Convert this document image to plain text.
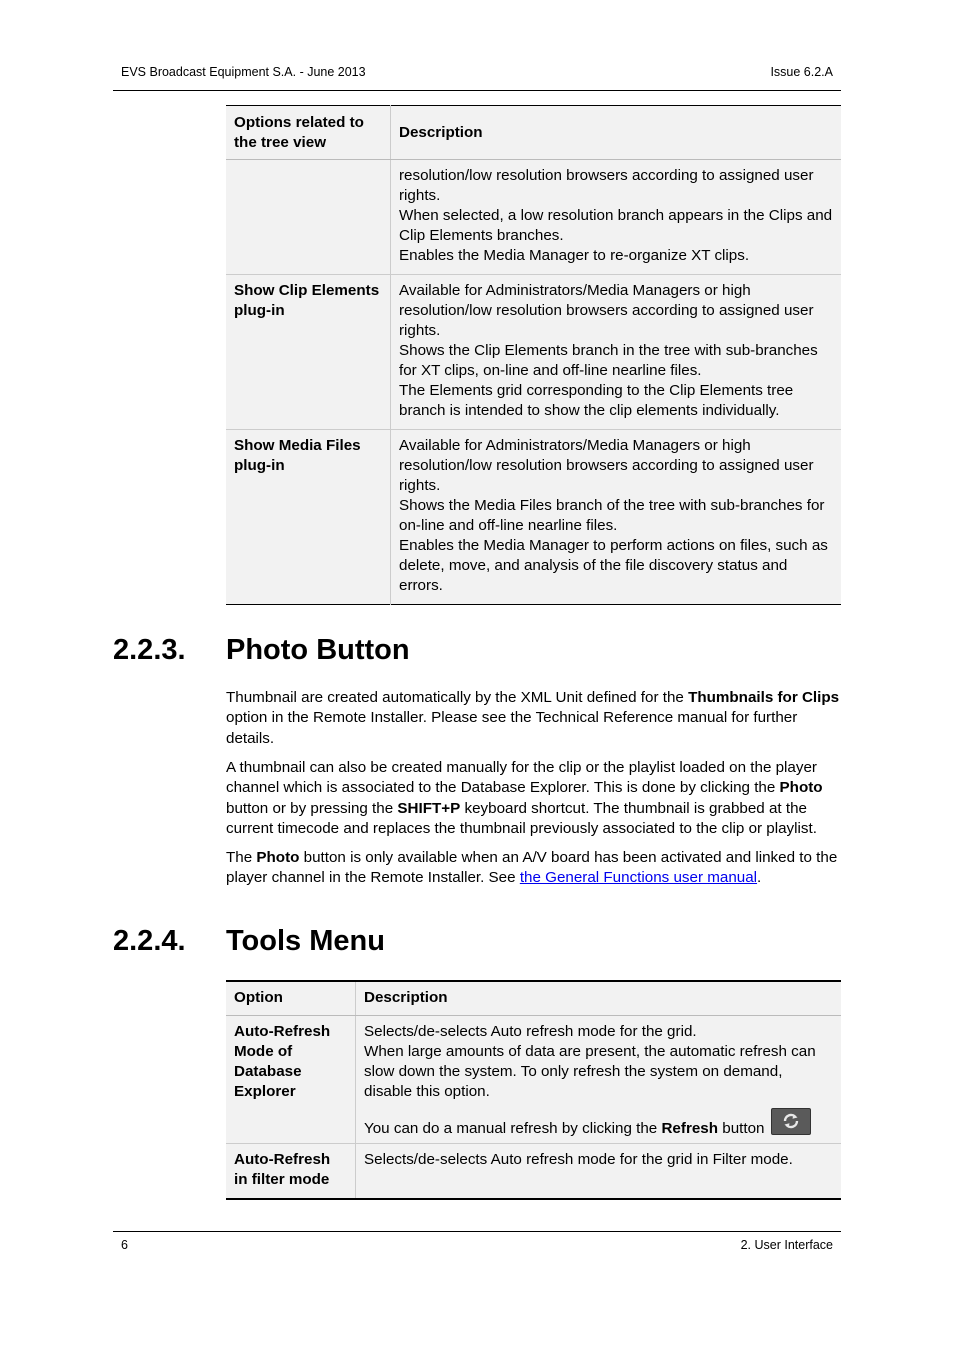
EVS Broadcast Equipment S.A. - June 2013	Issue 6.2.A
Options related to the tree view	Description

	resolution/low resolution browsers according to assigned user rights.
When selected, a low resolution branch appears in the Clips and Clip Elements branches.
Enables the Media Manager to re-organize XT clips.

Show Clip Elements plug-in	Available for Administrators/Media Managers or high resolution/low resolution browsers according to assigned user rights.
Shows the Clip Elements branch in the tree with sub-branches for XT clips, on-line and off-line nearline files.
The Elements grid corresponding to the Clip Elements tree branch is intended to show the clip elements individually.

Show Media Files plug-in	Available for Administrators/Media Managers or high resolution/low resolution browsers according to assigned user rights.
Shows the Media Files branch of the tree with sub-branches for on-line and off-line nearline files.
Enables the Media Manager to perform actions on files, such as delete, move, and analysis of the file discovery status and errors.
2.2.3. Photo Button
Thumbnail are created automatically by the XML Unit defined for the Thumbnails for Clips option in the Remote Installer. Please see the Technical Reference manual for further details.
A thumbnail can also be created manually for the clip or the playlist loaded on the player channel which is associated to the Database Explorer. This is done by clicking the Photo button or by pressing the SHIFT+P keyboard shortcut. The thumbnail is grabbed at the current timecode and replaces the thumbnail previously associated to the clip or playlist.
The Photo button is only available when an A/V board has been activated and linked to the player channel in the Remote Installer. See the General Functions user manual.
2.2.4. Tools Menu
Option	Description
Auto-Refresh Mode of Database Explorer	Selects/de-selects Auto refresh mode for the grid.
When large amounts of data are present, the automatic refresh can slow down the system. To only refresh the system on demand, disable this option.
You can do a manual refresh by clicking the Refresh button

Auto-Refresh in filter mode	Selects/de-selects Auto refresh mode for the grid in Filter mode.
6	2. User Interface
